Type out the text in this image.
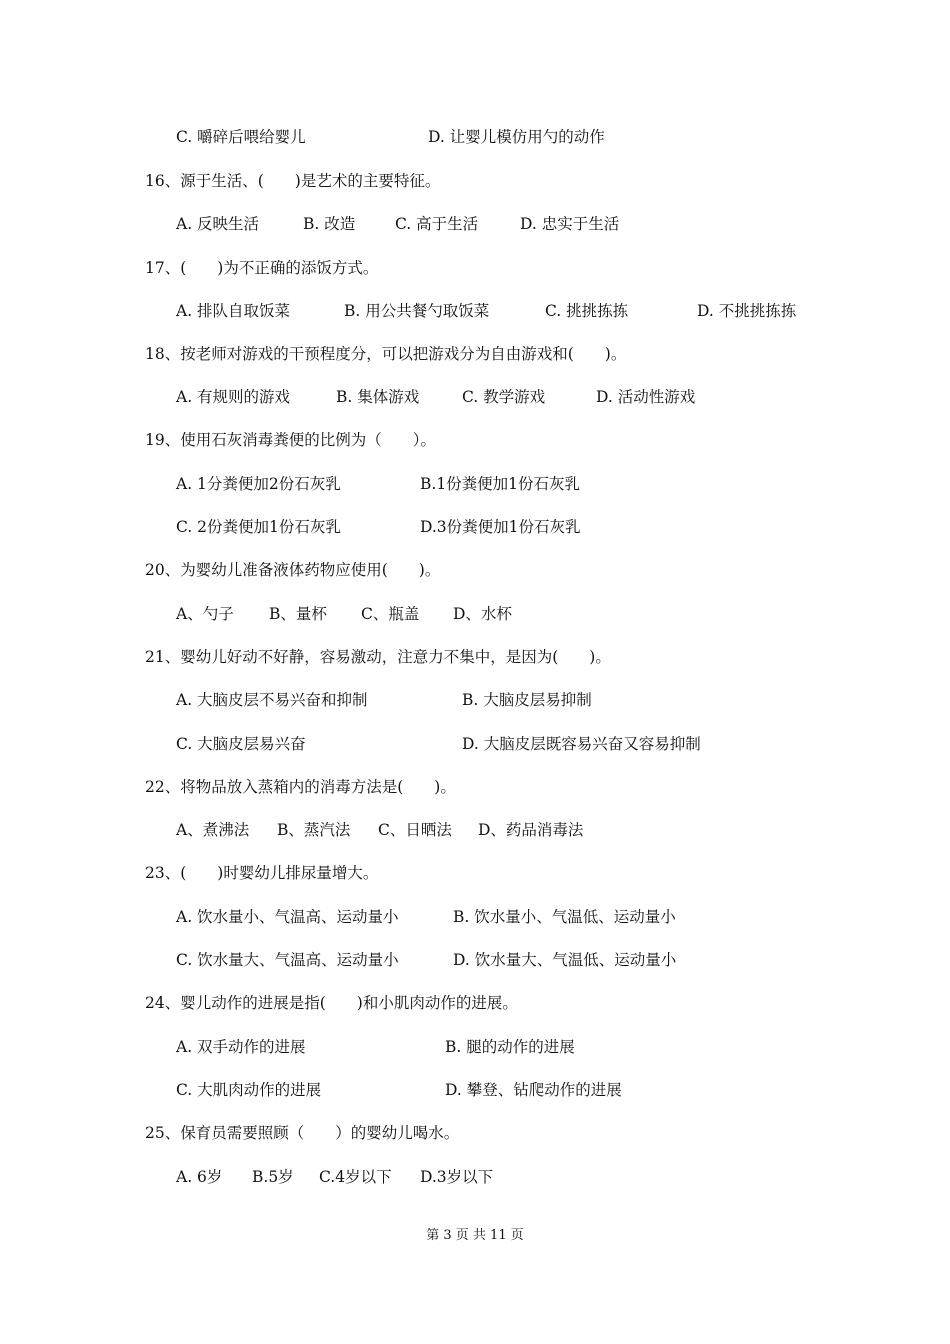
C. 嚼碎后喂给婴儿	D. 让婴儿模仿用勺的动作

16、源于生活、(　　)是艺术的主要特征。

A. 反映生活	B. 改造	C. 高于生活	D. 忠实于生活

17、(　　)为不正确的添饭方式。

A. 排队自取饭菜	B. 用公共餐勺取饭菜	C. 挑挑拣拣	D. 不挑挑拣拣

18、按老师对游戏的干预程度分，可以把游戏分为自由游戏和(　　)。

A. 有规则的游戏	B. 集体游戏	C. 教学游戏	D. 活动性游戏

19、使用石灰消毒粪便的比例为（　　）。

A. 1分粪便加2份石灰乳	B.1份粪便加1份石灰乳
C. 2份粪便加1份石灰乳	D.3份粪便加1份石灰乳

20、为婴幼儿准备液体药物应使用(　　)。

A、勺子 B、量杯 C、瓶盖 D、水杯

21、婴幼儿好动不好静，容易激动，注意力不集中，是因为(　　)。

A. 大脑皮层不易兴奋和抑制	B. 大脑皮层易抑制
C. 大脑皮层易兴奋	D. 大脑皮层既容易兴奋又容易抑制

22、将物品放入蒸箱内的消毒方法是(　　)。

A、煮沸法 B、蒸汽法 C、日晒法 D、药品消毒法

23、(　　)时婴幼儿排尿量增大。

A. 饮水量小、气温高、运动量小	B. 饮水量小、气温低、运动量小
C. 饮水量大、气温高、运动量小	D. 饮水量大、气温低、运动量小

24、婴儿动作的进展是指(　　)和小肌肉动作的进展。

A. 双手动作的进展	B. 腿的动作的进展
C. 大肌肉动作的进展	D. 攀登、钻爬动作的进展

25、保育员需要照顾（　　）的婴幼儿喝水。

A. 6岁 B.5岁 C.4岁以下 D.3岁以下
第 3 页 共 11 页
